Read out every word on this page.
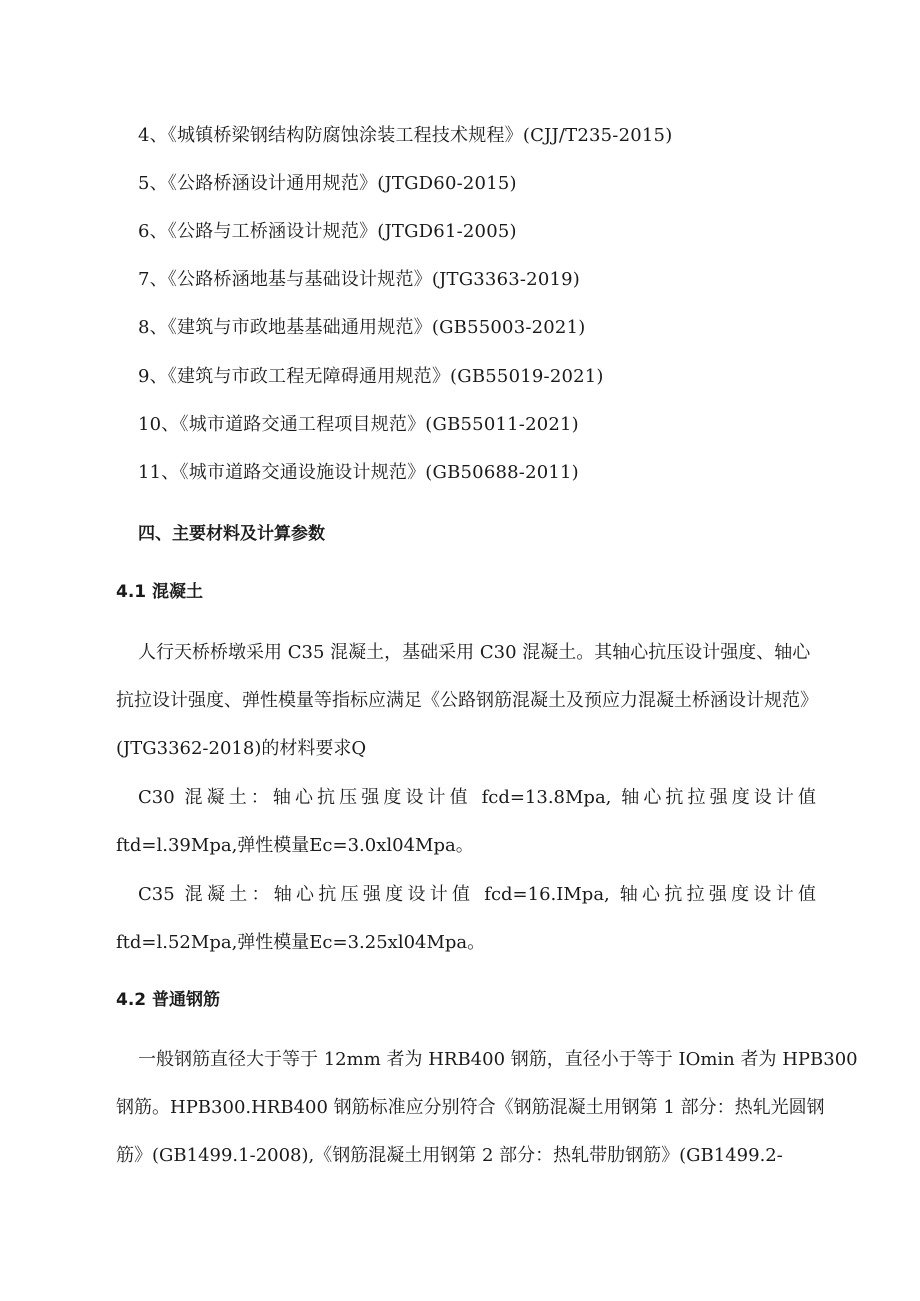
4、《城镇桥梁钢结构防腐蚀涂装工程技术规程》(CJJ/T235-2015)
5、《公路桥涵设计通用规范》(JTGD60-2015)
6、《公路与工桥涵设计规范》(JTGD61-2005)
7、《公路桥涵地基与基础设计规范》(JTG3363-2019)
8、《建筑与市政地基基础通用规范》(GB55003-2021)
9、《建筑与市政工程无障碍通用规范》(GB55019-2021)
10、《城市道路交通工程项目规范》(GB55011-2021)
11、《城市道路交通设施设计规范》(GB50688-2011)
四、主要材料及计算参数
4.1 混凝土
人行天桥桥墩采用 C35 混凝土，基础采用 C30 混凝土。其轴心抗压设计强度、轴心
抗拉设计强度、弹性模量等指标应满足《公路钢筋混凝土及预应力混凝土桥涵设计规范》
(JTG3362-2018)的材料要求Q
C30 混凝土：轴心抗压强度设计值 fcd=13.8Mpa, 轴心抗拉强度设计值
ftd=l.39Mpa,弹性模量Ec=3.0xl04Mpa。
C35 混凝土：轴心抗压强度设计值 fcd=16.IMpa, 轴心抗拉强度设计值
ftd=l.52Mpa,弹性模量Ec=3.25xl04Mpa。
4.2 普通钢筋
一般钢筋直径大于等于 12mm 者为 HRB400 钢筋，直径小于等于 IOmin 者为 HPB300
钢筋。HPB300.HRB400 钢筋标准应分别符合《钢筋混凝土用钢第 1 部分：热轧光圆钢
筋》(GB1499.1-2008),《钢筋混凝土用钢第 2 部分：热轧带肋钢筋》(GB1499.2-
